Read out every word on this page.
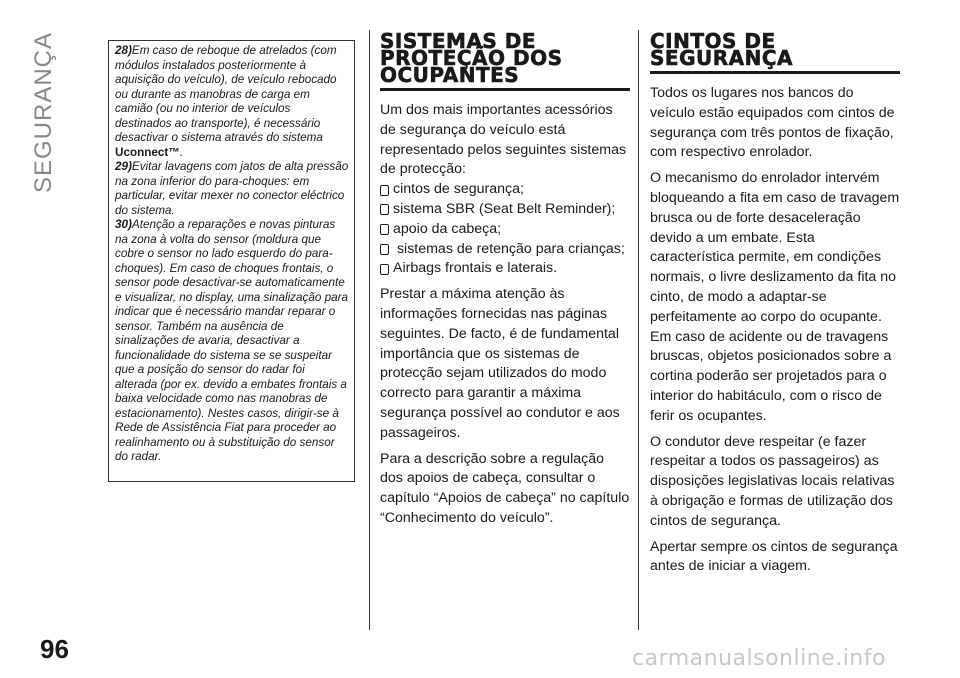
SEGURANÇA	28)Em caso de reboque de atrelados (com módulos instalados posteriormente à aquisição do veículo), de veículo rebocado ou durante as manobras de carga em camião (ou no interior de veículos destinados ao transporte), é necessário desactivar o sistema através do sistema Uconnect™.

29)Evitar lavagens com jatos de alta pressão na zona inferior do para-choques: em particular, evitar mexer no conector eléctrico do sistema.

30)Atenção a reparações e novas pinturas na zona à volta do sensor (moldura que cobre o sensor no lado esquerdo do para-choques). Em caso de choques frontais, o sensor pode desactivar-se automaticamente e visualizar, no display, uma sinalização para indicar que é necessário mandar reparar o sensor. Também na ausência de sinalizações de avaria, desactivar a funcionalidade do sistema se se suspeitar que a posição do sensor do radar foi alterada (por ex. devido a embates frontais a baixa velocidade como nas manobras de estacionamento). Nestes casos, dirigir-se à Rede de Assistência Fiat para proceder ao realinhamento ou à substituição do sensor do radar.

SISTEMAS DE PROTEÇÃO DOS OCUPANTES

Um dos mais importantes acessórios de segurança do veículo está representado pelos seguintes sistemas de protecção:

cintos de segurança;
sistema SBR (Seat Belt Reminder);
apoio da cabeça;
sistemas de retenção para crianças;
Airbags frontais e laterais.

Prestar a máxima atenção às informações fornecidas nas páginas seguintes. De facto, é de fundamental importância que os sistemas de protecção sejam utilizados do modo correcto para garantir a máxima segurança possível ao condutor e aos passageiros.

Para a descrição sobre a regulação dos apoios de cabeça, consultar o capítulo “Apoios de cabeça” no capítulo “Conhecimento do veículo”.

CINTOS DE SEGURANÇA

Todos os lugares nos bancos do veículo estão equipados com cintos de segurança com três pontos de fixação, com respectivo enrolador.

O mecanismo do enrolador intervém bloqueando a fita em caso de travagem brusca ou de forte desaceleração devido a um embate. Esta característica permite, em condições normais, o livre deslizamento da fita no cinto, de modo a adaptar-se perfeitamente ao corpo do ocupante. Em caso de acidente ou de travagens bruscas, objetos posicionados sobre a cortina poderão ser projetados para o interior do habitáculo, com o risco de ferir os ocupantes.

O condutor deve respeitar (e fazer respeitar a todos os passageiros) as disposições legislativas locais relativas à obrigação e formas de utilização dos cintos de segurança.

Apertar sempre os cintos de segurança antes de iniciar a viagem.

96	carmanualsonline.info
